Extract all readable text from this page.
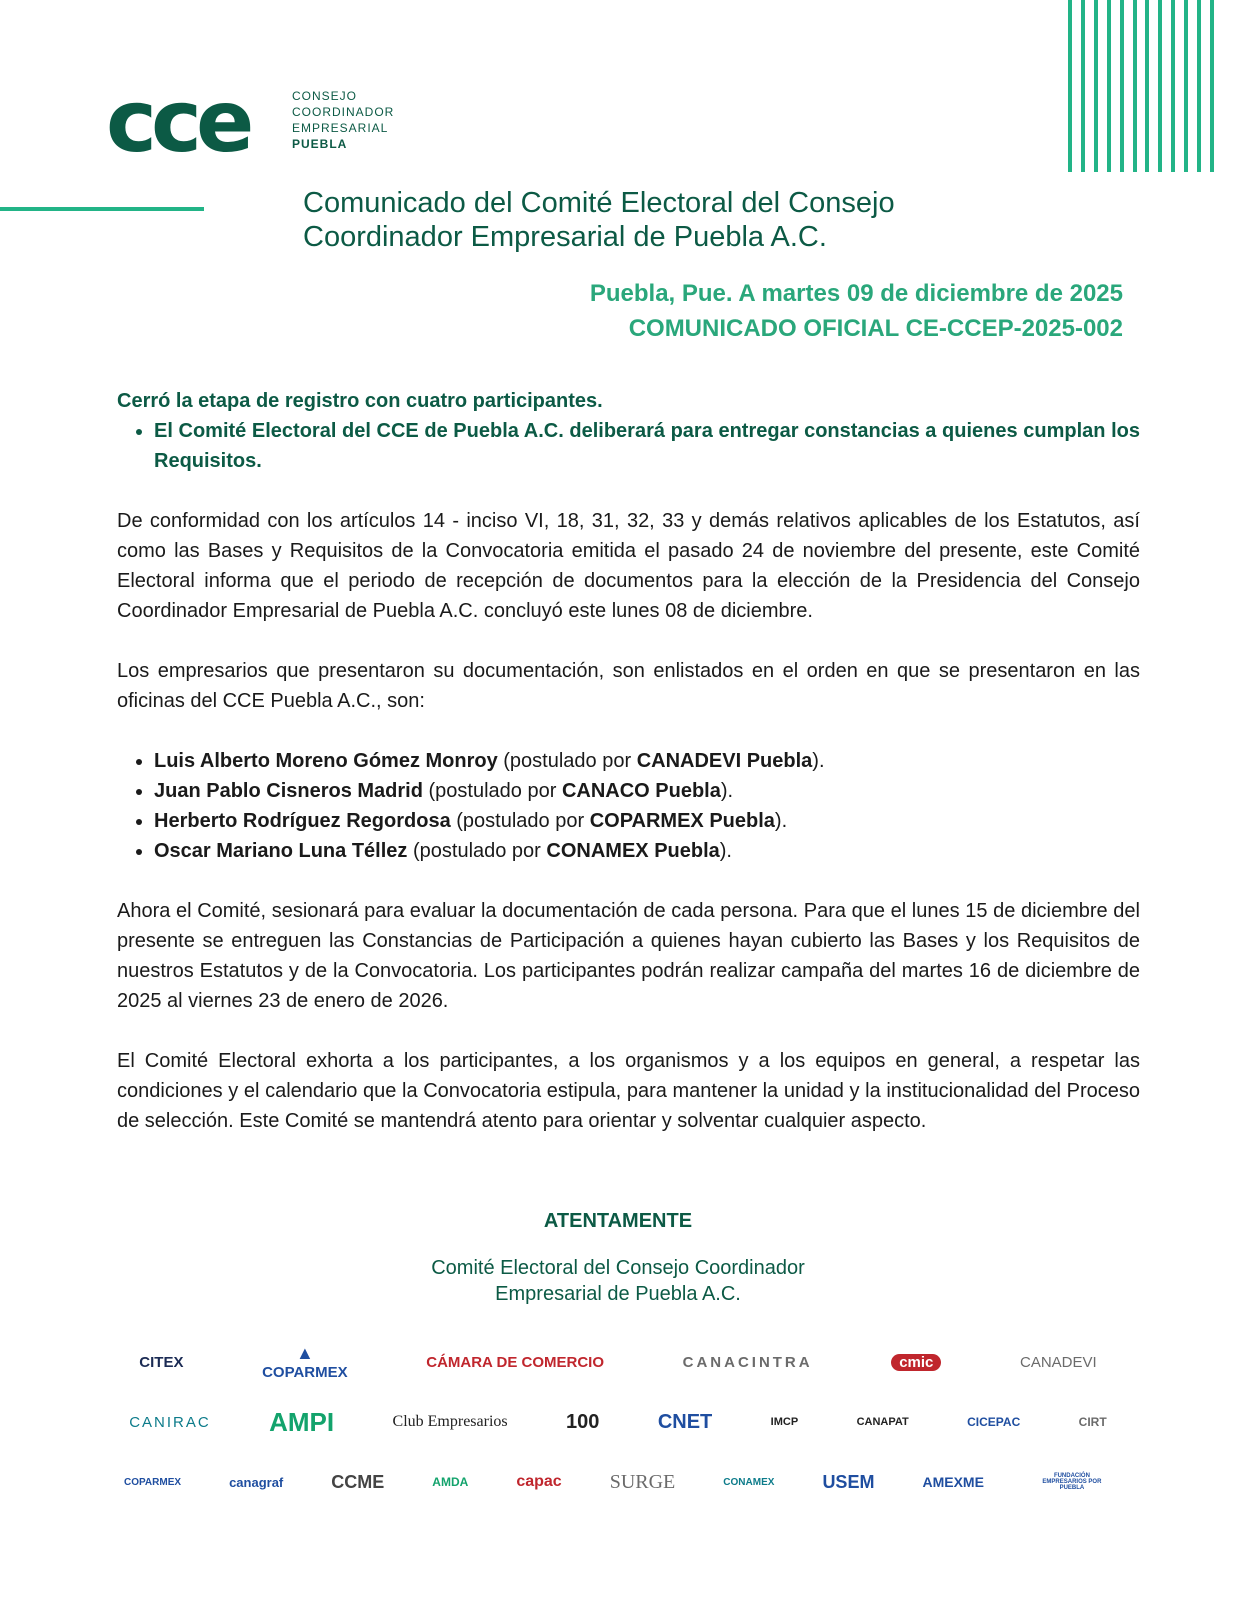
cce	CONSEJO
COORDINADOR
EMPRESARIAL
PUEBLA
Comunicado del Comité Electoral del Consejo
Coordinador Empresarial de Puebla A.C.
Puebla, Pue. A martes 09 de diciembre de 2025
COMUNICADO OFICIAL CE-CCEP-2025-002
Cerró la etapa de registro con cuatro participantes.
• El Comité Electoral del CCE de Puebla A.C. deliberará para entregar constancias a quienes cumplan los Requisitos.

De conformidad con los artículos 14 - inciso VI, 18, 31, 32, 33 y demás relativos aplicables de los Estatutos, así como las Bases y Requisitos de la Convocatoria emitida el pasado 24 de noviembre del presente, este Comité Electoral informa que el periodo de recepción de documentos para la elección de la Presidencia del Consejo Coordinador Empresarial de Puebla A.C. concluyó este lunes 08 de diciembre.

Los empresarios que presentaron su documentación, son enlistados en el orden en que se presentaron en las oficinas del CCE Puebla A.C., son:

• Luis Alberto Moreno Gómez Monroy (postulado por CANADEVI Puebla).
• Juan Pablo Cisneros Madrid (postulado por CANACO Puebla).
• Herberto Rodríguez Regordosa (postulado por COPARMEX Puebla).
• Oscar Mariano Luna Téllez (postulado por CONAMEX Puebla).

Ahora el Comité, sesionará para evaluar la documentación de cada persona. Para que el lunes 15 de diciembre del presente se entreguen las Constancias de Participación a quienes hayan cubierto las Bases y los Requisitos de nuestros Estatutos y de la Convocatoria. Los participantes podrán realizar campaña del martes 16 de diciembre de 2025 al viernes 23 de enero de 2026.

El Comité Electoral exhorta a los participantes, a los organismos y a los equipos en general, a respetar las condiciones y el calendario que la Convocatoria estipula, para mantener la unidad y la institucionalidad del Proceso de selección. Este Comité se mantendrá atento para orientar y solventar cualquier aspecto.

ATENTAMENTE
Comité Electoral del Consejo Coordinador
Empresarial de Puebla A.C.
CITEX	▲
COPARMEX
CÁMARA DE COMERCIO	CANACINTRA	cmic	CANADEVI
CANIRAC AMPI	Club Empresarios	100	CNET	IMCP	CANAPAT	CICEPAC	CIRT
COPARMEX	canagraf	CCME	AMDA	capac SURGE	CONAMEX	USEM	AMEXME	FUNDACIÓN EMPRESARIOS POR PUEBLA
